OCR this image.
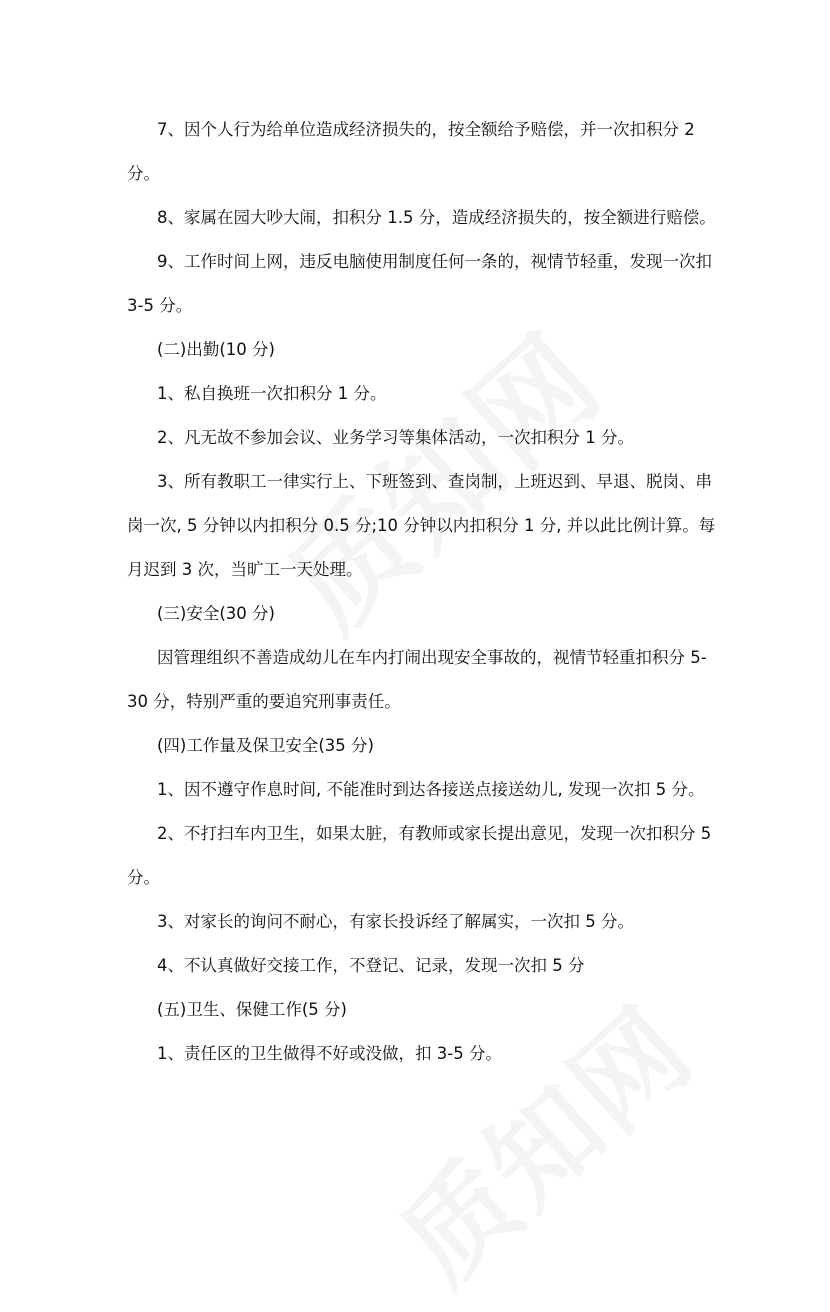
7、因个人行为给单位造成经济损失的，按全额给予赔偿，并一次扣积分 2 分。

8、家属在园大吵大闹，扣积分 1.5 分，造成经济损失的，按全额进行赔偿。

9、工作时间上网，违反电脑使用制度任何一条的，视情节轻重，发现一次扣 3-5 分。

(二)出勤(10 分)

1、私自换班一次扣积分 1 分。

2、凡无故不参加会议、业务学习等集体活动，一次扣积分 1 分。

3、所有教职工一律实行上、下班签到、查岗制，上班迟到、早退、脱岗、串岗一次, 5 分钟以内扣积分 0.5 分;10 分钟以内扣积分 1 分, 并以此比例计算。每月迟到 3 次，当旷工一天处理。

(三)安全(30 分)

因管理组织不善造成幼儿在车内打闹出现安全事故的，视情节轻重扣积分 5-30 分，特别严重的要追究刑事责任。

(四)工作量及保卫安全(35 分)

1、因不遵守作息时间, 不能准时到达各接送点接送幼儿, 发现一次扣 5 分。

2、不打扫车内卫生，如果太脏，有教师或家长提出意见，发现一次扣积分 5 分。

3、对家长的询问不耐心，有家长投诉经了解属实，一次扣 5 分。

4、不认真做好交接工作，不登记、记录，发现一次扣 5 分

(五)卫生、保健工作(5 分)

1、责任区的卫生做得不好或没做，扣 3-5 分。
